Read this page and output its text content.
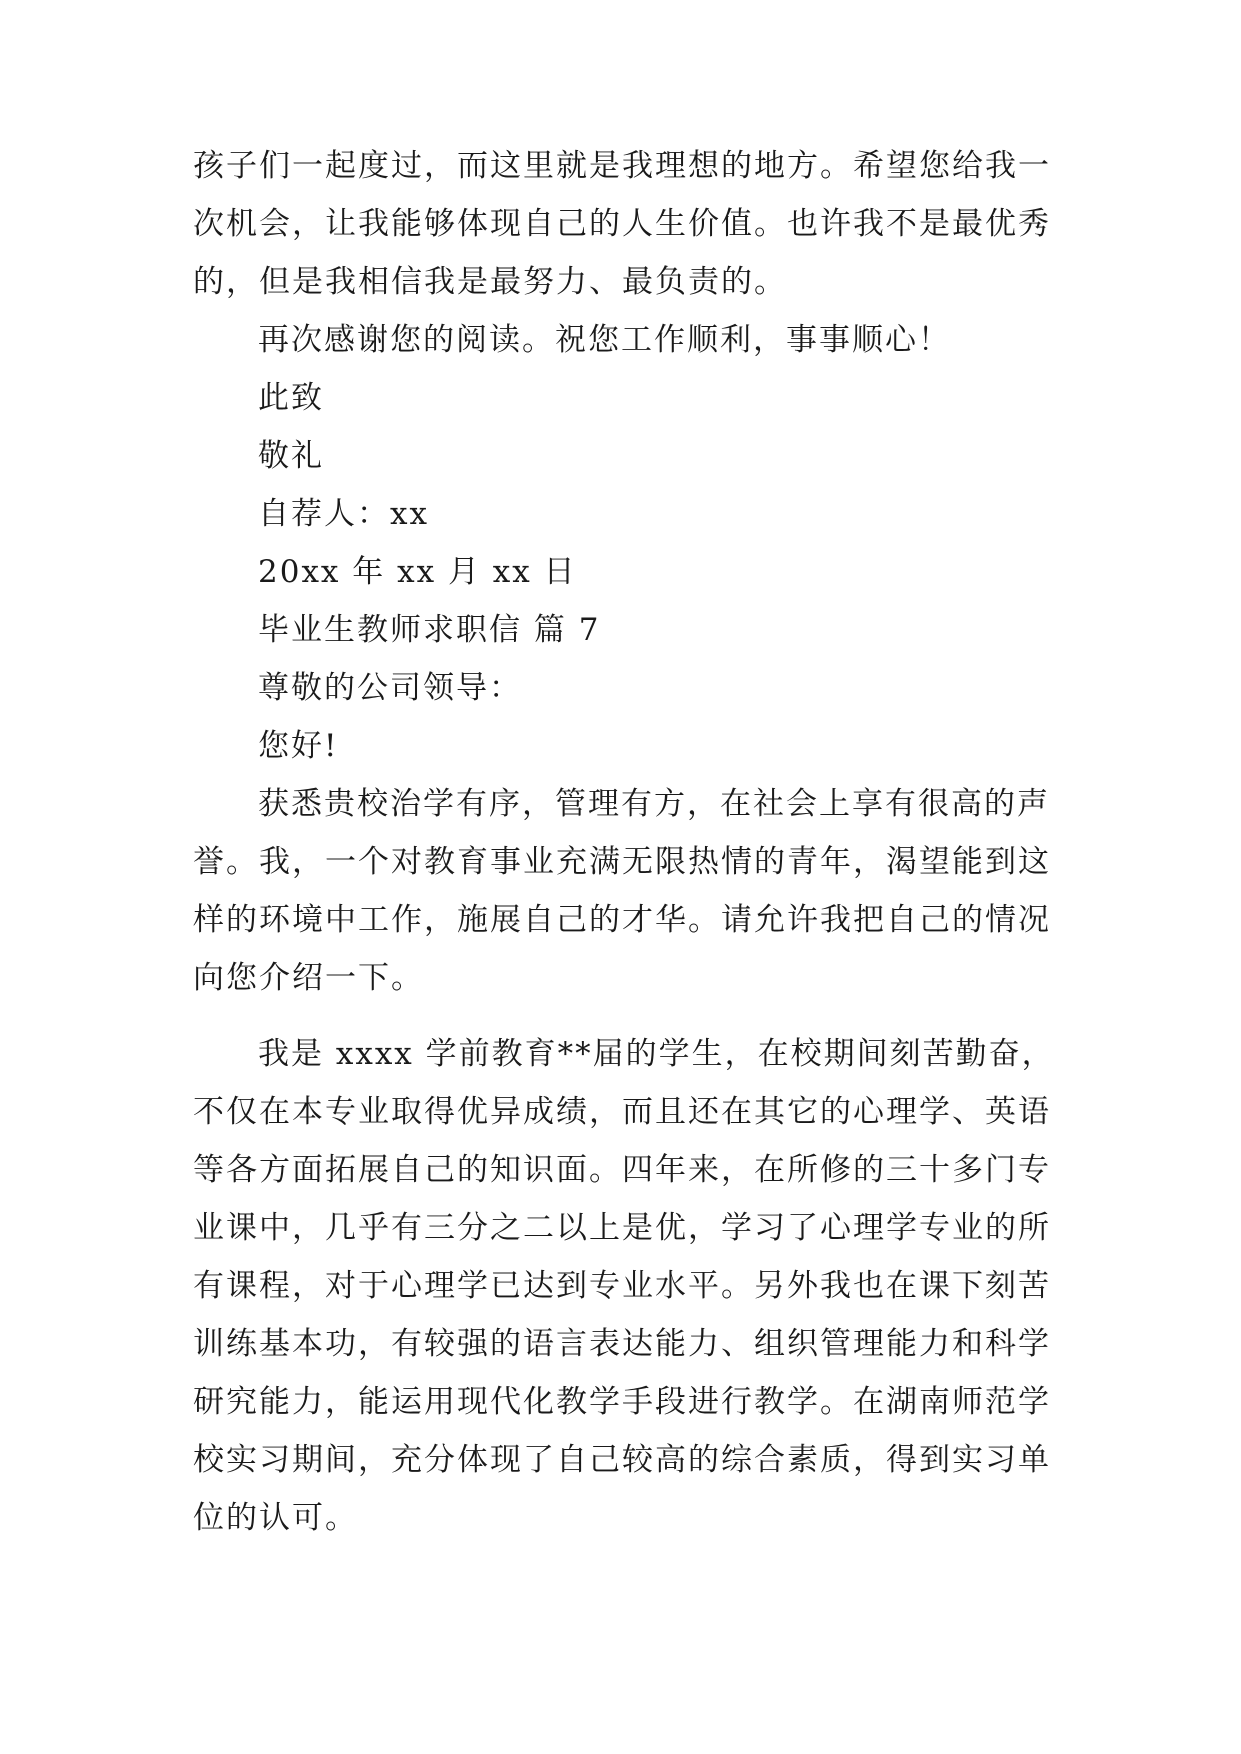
孩子们一起度过，而这里就是我理想的地方。希望您给我一
次机会，让我能够体现自己的人生价值。也许我不是最优秀
的，但是我相信我是最努力、最负责的。
再次感谢您的阅读。祝您工作顺利，事事顺心！
此致
敬礼
自荐人：xx
20xx 年 xx 月 xx 日
毕业生教师求职信 篇 7
尊敬的公司领导：
您好!
获悉贵校治学有序，管理有方，在社会上享有很高的声
誉。我，一个对教育事业充满无限热情的青年，渴望能到这
样的环境中工作，施展自己的才华。请允许我把自己的情况
向您介绍一下。
我是 xxxx 学前教育**届的学生，在校期间刻苦勤奋，
不仅在本专业取得优异成绩，而且还在其它的心理学、英语
等各方面拓展自己的知识面。四年来，在所修的三十多门专
业课中，几乎有三分之二以上是优，学习了心理学专业的所
有课程，对于心理学已达到专业水平。另外我也在课下刻苦
训练基本功，有较强的语言表达能力、组织管理能力和科学
研究能力，能运用现代化教学手段进行教学。在湖南师范学
校实习期间，充分体现了自己较高的综合素质，得到实习单
位的认可。
